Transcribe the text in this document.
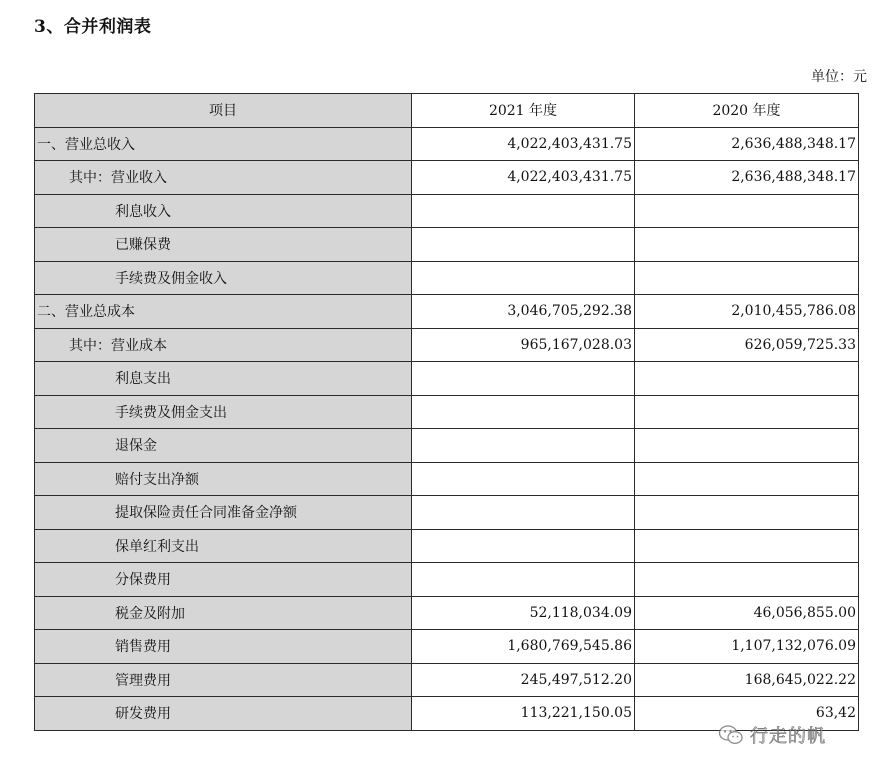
3、合并利润表
单位：元
项目	2021 年度	2020 年度
一、营业总收入	4,022,403,431.75	2,636,488,348.17
其中：营业收入	4,022,403,431.75	2,636,488,348.17
利息收入		
已赚保费		
手续费及佣金收入		
二、营业总成本	3,046,705,292.38	2,010,455,786.08
其中：营业成本	965,167,028.03	626,059,725.33
利息支出		
手续费及佣金支出		
退保金		
赔付支出净额		
提取保险责任合同准备金净额		
保单红利支出		
分保费用		
税金及附加	52,118,034.09	46,056,855.00
销售费用	1,680,769,545.86	1,107,132,076.09
管理费用	245,497,512.20	168,645,022.22
研发费用	113,221,150.05	63,42
行走的帆
